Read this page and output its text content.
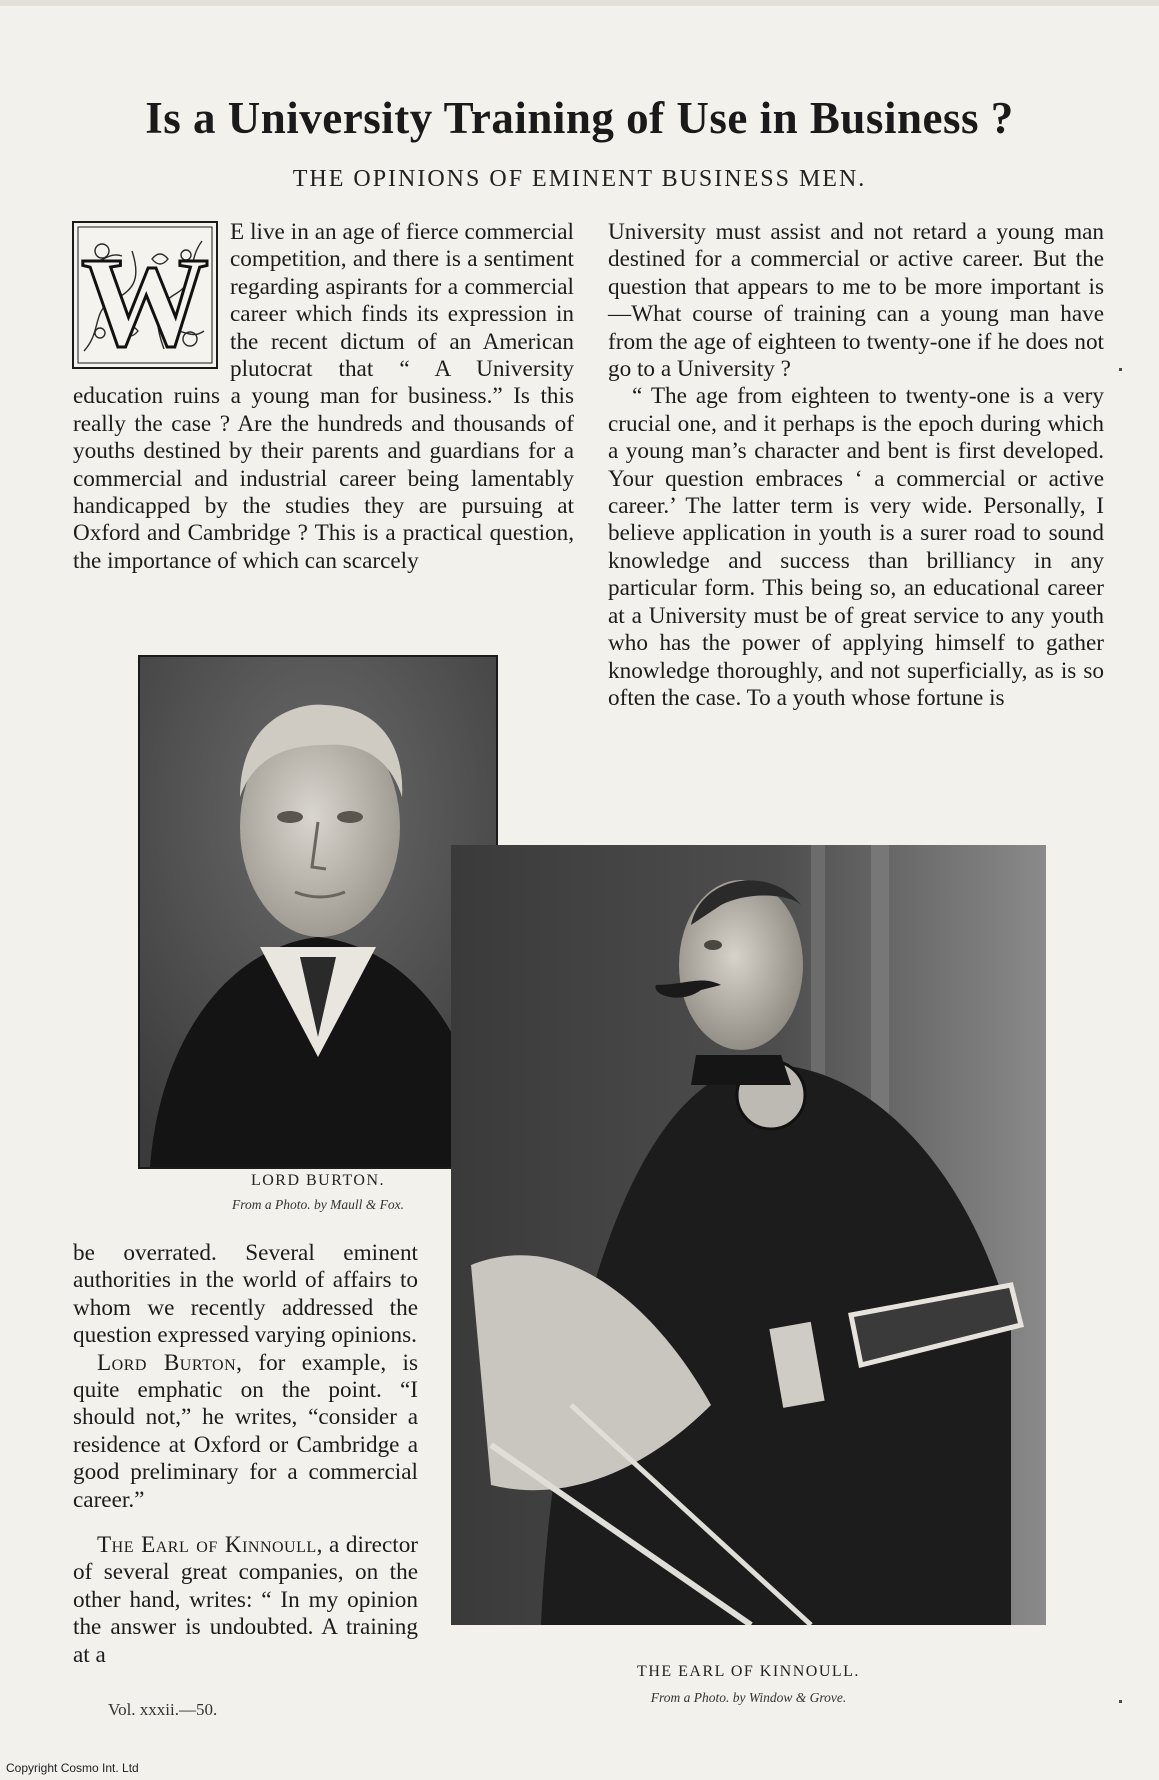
Is a University Training of Use in Business ?
THE OPINIONS OF EMINENT BUSINESS MEN.
W E live in an age of fierce commercial competition, and there is a sentiment regarding aspirants for a commercial career which finds its expression in the recent dictum of an American plutocrat that “ A University education ruins a young man for business.” Is this really the case ? Are the hundreds and thousands of youths destined by their parents and guardians for a commercial and industrial career being lamentably handicapped by the studies they are pursuing at Oxford and Cambridge ? This is a practical question, the importance of which can scarcely

be overrated. Several eminent authorities in the world of affairs to whom we recently addressed the question expressed varying opinions.

Lord Burton, for example, is quite emphatic on the point. “I should not,” he writes, “consider a residence at Oxford or Cambridge a good preliminary for a commercial career.”

The Earl of Kinnoull, a director of several great companies, on the other hand, writes: “ In my opinion the answer is undoubted. A training at a

University must assist and not retard a young man destined for a commercial or active career. But the question that appears to me to be more important is—What course of training can a young man have from the age of eighteen to twenty-one if he does not go to a University ?

“ The age from eighteen to twenty-one is a very crucial one, and it perhaps is the epoch during which a young man’s character and bent is first developed. Your question embraces ‘ a commercial or active career.’ The latter term is very wide. Personally, I believe application in youth is a surer road to sound knowledge and success than brilliancy in any particular form. This being so, an educational career at a University must be of great service to any youth who has the power of applying himself to gather knowledge thoroughly, and not superficially, as is so often the case. To a youth whose fortune is

LORD BURTON.
From a Photo. by Maull & Fox.
THE EARL OF KINNOULL.
From a Photo. by Window & Grove.
Vol. xxxii.—50.
Copyright Cosmo Int. Ltd
